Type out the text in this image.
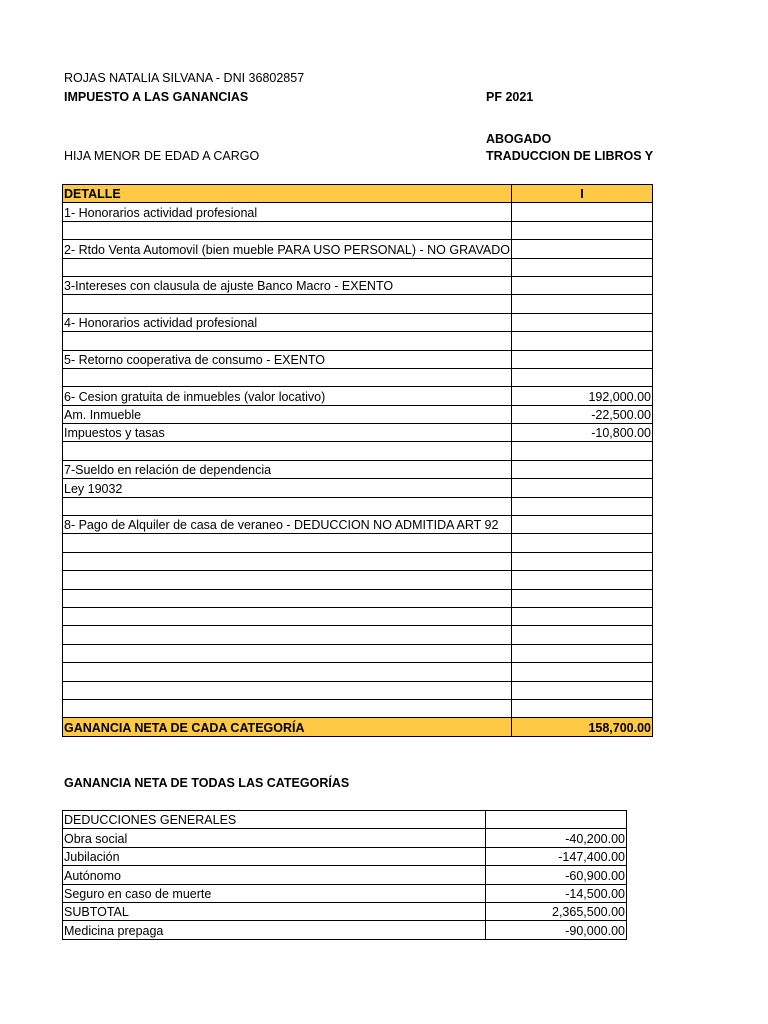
ROJAS NATALIA SILVANA - DNI 36802857
IMPUESTO A LAS GANANCIAS	PF 2021
ABOGADO
HIJA MENOR DE EDAD A CARGO	TRADUCCION DE LIBROS Y
DETALLE	I
1- Honorarios actividad profesional	

2- Rtdo Venta Automovil (bien mueble PARA USO PERSONAL) - NO GRAVADO	

3-Intereses con clausula de ajuste Banco Macro - EXENTO	

4- Honorarios actividad profesional	

5- Retorno cooperativa de consumo - EXENTO	

6- Cesion gratuita de inmuebles (valor locativo)	192,000.00
Am. Inmueble	-22,500.00
Impuestos y tasas	-10,800.00

7-Sueldo en relación de dependencia	
Ley 19032	

8- Pago de Alquiler de casa de veraneo - DEDUCCION NO ADMITIDA ART 92	

GANANCIA NETA DE CADA CATEGORÍA	158,700.00
GANANCIA NETA DE TODAS LAS CATEGORÍAS
DEDUCCIONES GENERALES	
Obra social	-40,200.00
Jubilación	-147,400.00
Autónomo	-60,900.00
Seguro en caso de muerte	-14,500.00
SUBTOTAL	2,365,500.00
Medicina prepaga	-90,000.00
